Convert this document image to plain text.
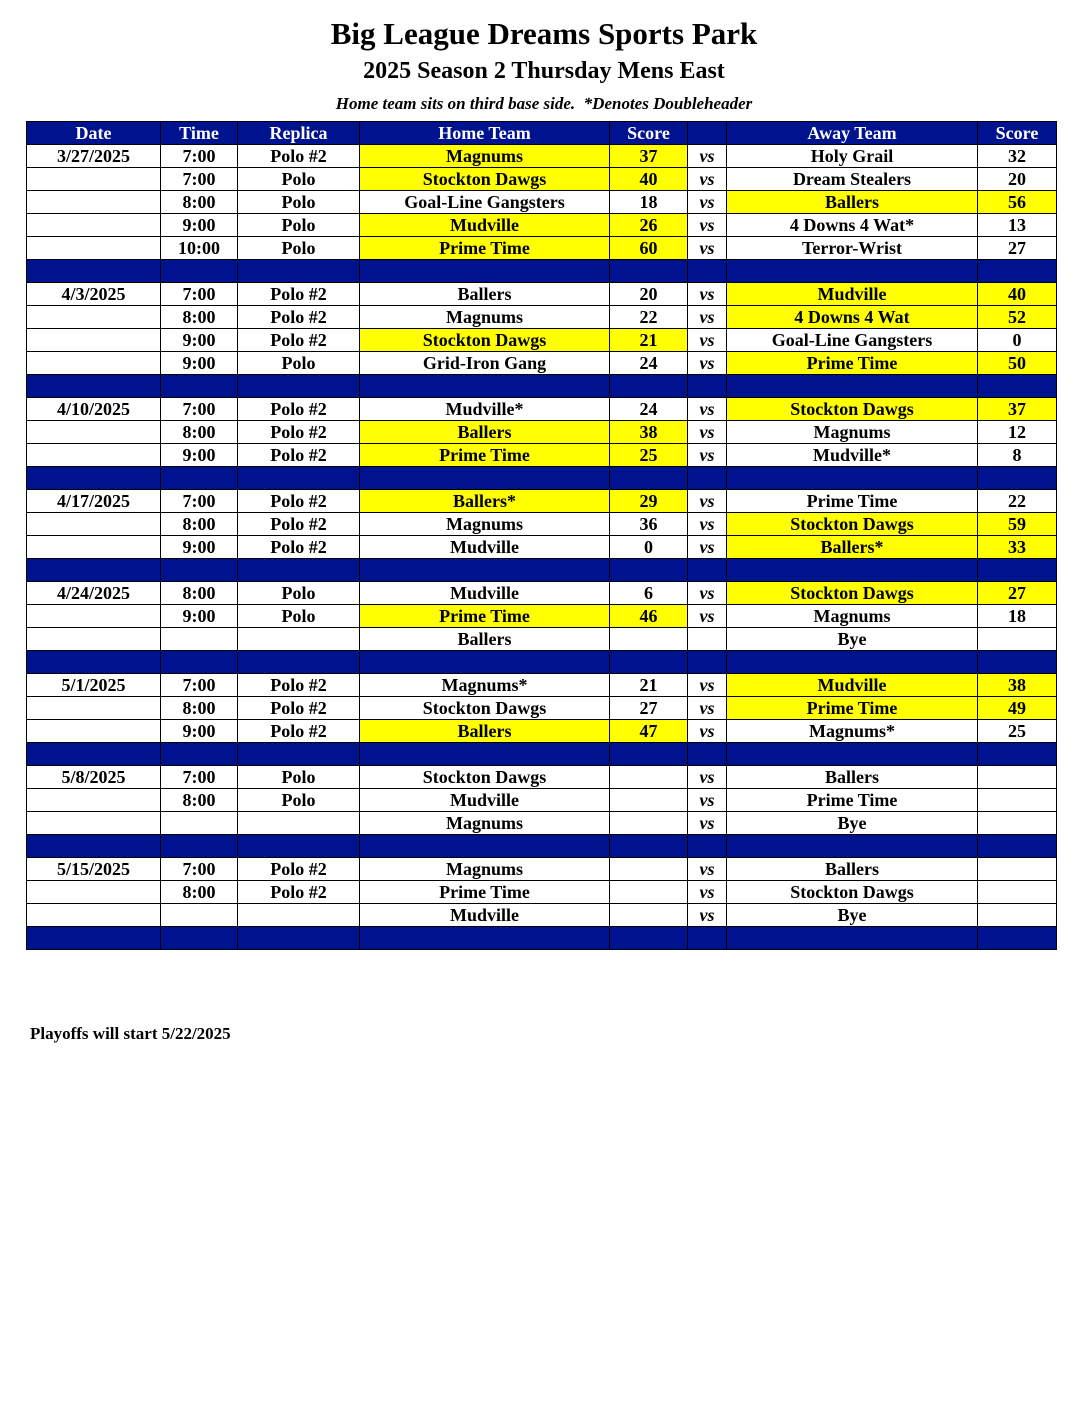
Big League Dreams Sports Park
2025 Season 2 Thursday Mens East
Home team sits on third base side.  *Denotes Doubleheader
Date	Time	Replica	Home Team	Score		Away Team	Score
3/27/2025	7:00	Polo #2	Magnums	37	vs	Holy Grail	32
	7:00	Polo	Stockton Dawgs	40	vs	Dream Stealers	20
	8:00	Polo	Goal-Line Gangsters	18	vs	Ballers	56
	9:00	Polo	Mudville	26	vs	4 Downs 4 Wat*	13
	10:00	Polo	Prime Time	60	vs	Terror-Wrist	27

4/3/2025	7:00	Polo #2	Ballers	20	vs	Mudville	40
	8:00	Polo #2	Magnums	22	vs	4 Downs 4 Wat	52
	9:00	Polo #2	Stockton Dawgs	21	vs	Goal-Line Gangsters	0
	9:00	Polo	Grid-Iron Gang	24	vs	Prime Time	50

4/10/2025	7:00	Polo #2	Mudville*	24	vs	Stockton Dawgs	37
	8:00	Polo #2	Ballers	38	vs	Magnums	12
	9:00	Polo #2	Prime Time	25	vs	Mudville*	8

4/17/2025	7:00	Polo #2	Ballers*	29	vs	Prime Time	22
	8:00	Polo #2	Magnums	36	vs	Stockton Dawgs	59
	9:00	Polo #2	Mudville	0	vs	Ballers*	33

4/24/2025	8:00	Polo	Mudville	6	vs	Stockton Dawgs	27
	9:00	Polo	Prime Time	46	vs	Magnums	18
			Ballers			Bye	

5/1/2025	7:00	Polo #2	Magnums*	21	vs	Mudville	38
	8:00	Polo #2	Stockton Dawgs	27	vs	Prime Time	49
	9:00	Polo #2	Ballers	47	vs	Magnums*	25

5/8/2025	7:00	Polo	Stockton Dawgs		vs	Ballers	
	8:00	Polo	Mudville		vs	Prime Time	
			Magnums		vs	Bye	

5/15/2025	7:00	Polo #2	Magnums		vs	Ballers	
	8:00	Polo #2	Prime Time		vs	Stockton Dawgs	
			Mudville		vs	Bye	

Playoffs will start 5/22/2025
